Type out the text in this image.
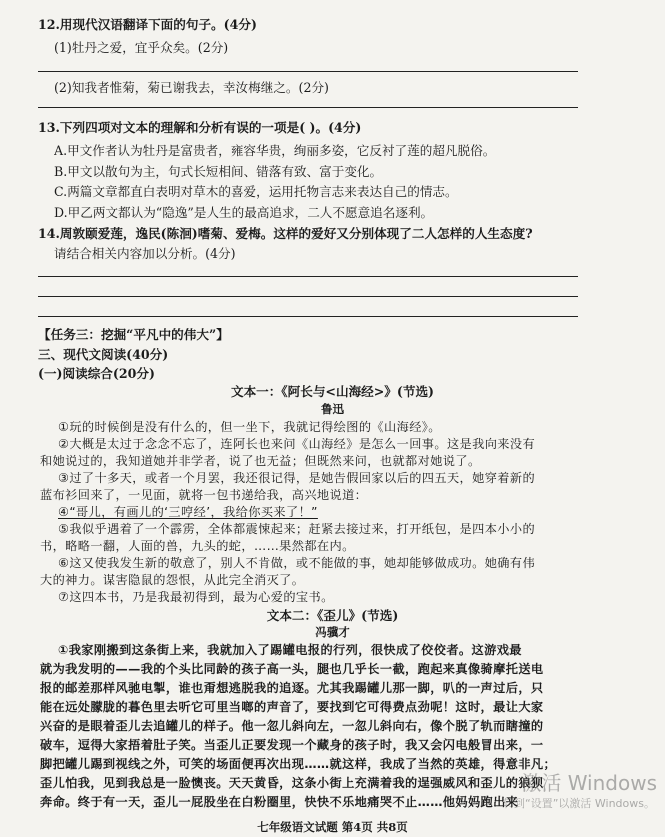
12.用现代汉语翻译下面的句子。(4分)
(1)牡丹之爱，宜乎众矣。(2分)
(2)知我者惟菊，菊已谢我去，幸汝梅继之。(2分)
13.下列四项对文本的理解和分析有误的一项是( )。(4分)
A.甲文作者认为牡丹是富贵者，雍容华贵，绚丽多姿，它反衬了莲的超凡脱俗。
B.甲文以散句为主，句式长短相间、错落有致、富于变化。
C.两篇文章都直白表明对草木的喜爱，运用托物言志来表达自己的情志。
D.甲乙两文都认为“隐逸”是人生的最高追求，二人不愿意追名逐利。
14.周敦颐爱莲，逸民(陈洄)嗜菊、爱梅。这样的爱好又分别体现了二人怎样的人生态度?
请结合相关内容加以分析。(4分)
【任务三：挖掘“平凡中的伟大”】
三、现代文阅读(40分)
(一)阅读综合(20分)
文本一：《阿长与<山海经>》(节选)
鲁迅
①玩的时候倒是没有什么的，但一坐下，我就记得绘图的《山海经》。
②大概是太过于念念不忘了，连阿长也来问《山海经》是怎么一回事。这是我向来没有
和她说过的，我知道她并非学者，说了也无益；但既然来问，也就都对她说了。
③过了十多天，或者一个月罢，我还很记得，是她告假回家以后的四五天，她穿着新的
蓝布衫回来了，一见面，就将一包书递给我，高兴地说道：
④“哥儿，有画儿的‘三哼经’，我给你买来了！”
⑤我似乎遇着了一个霹雳，全体都震悚起来；赶紧去接过来，打开纸包，是四本小小的
书，略略一翻，人面的兽，九头的蛇，……果然都在内。
⑥这又使我发生新的敬意了，别人不肯做，或不能做的事，她却能够做成功。她确有伟
大的神力。谋害隐鼠的怨恨，从此完全消灭了。
⑦这四本书，乃是我最初得到，最为心爱的宝书。
文本二：《歪儿》(节选)
冯骥才
①我家刚搬到这条街上来，我就加入了踢罐电报的行列，很快成了佼佼者。这游戏最
就为我发明的——我的个头比同龄的孩子高一头，腿也几乎长一截，跑起来真像骑摩托送电
报的邮差那样风驰电掣，谁也甭想逃脱我的追逐。尤其我踢罐儿那一脚，叭的一声过后，只
能在远处朦胧的暮色里去听它可里当啷的声音了，要找到它可得费点劲呢！这时，最让大家
兴奋的是眼着歪儿去追罐儿的样子。他一忽儿斜向左，一忽儿斜向右，像个脱了轨而瞎撞的
破车，逗得大家捂着肚子笑。当歪儿正要发现一个藏身的孩子时，我又会闪电般冒出来，一
脚把罐儿踢到视线之外，可笑的场面便再次出现……就这样，我成了当然的英雄，得意非凡；
歪儿怕我，见到我总是一脸懊丧。天天黄昏，这条小街上充满着我的逞强威风和歪儿的狼狈
奔命。终于有一天，歪儿一屁股坐在白粉圈里，快快不乐地痛哭不止……他妈妈跑出来
七年级语文试题 第4页 共8页
激活 Windows
转到“设置”以激活 Windows。
